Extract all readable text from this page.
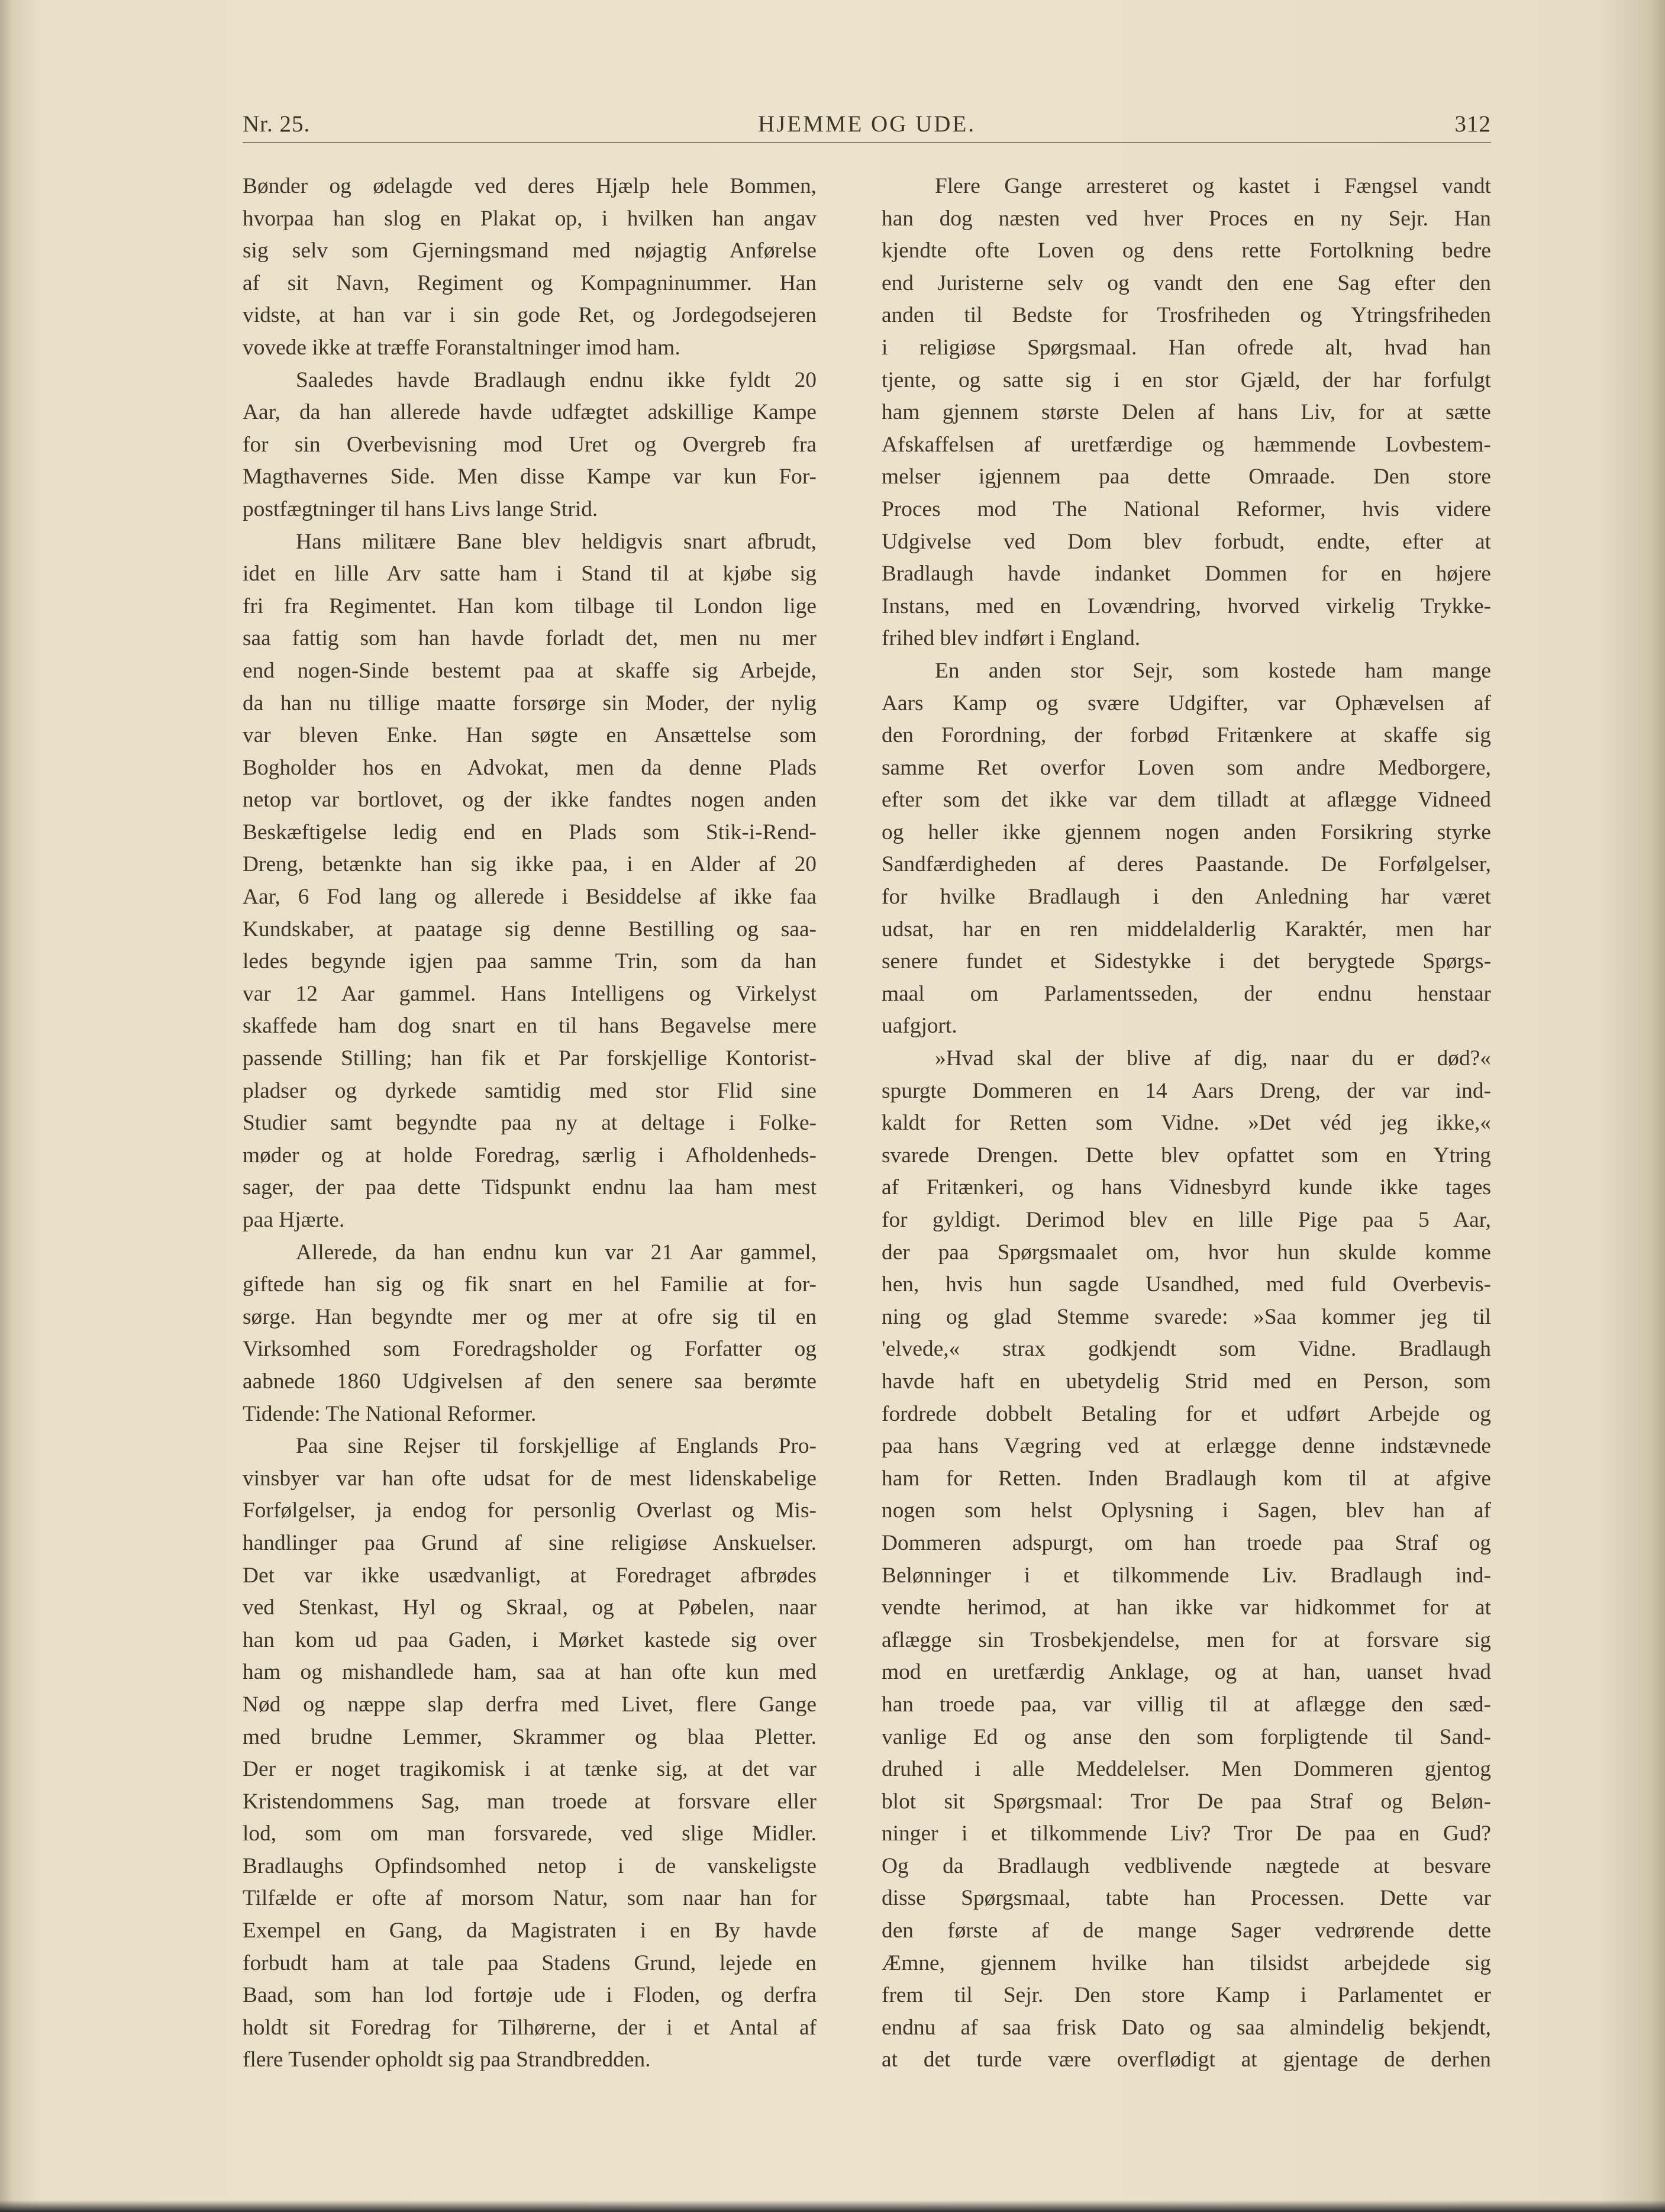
Nr. 25.	HJEMME OG UDE.	312
Bønder og ødelagde ved deres Hjælp hele Bommen,
hvorpaa han slog en Plakat op, i hvilken han angav
sig selv som Gjerningsmand med nøjagtig Anførelse
af sit Navn, Regiment og Kompagninummer. Han
vidste, at han var i sin gode Ret, og Jordegodsejeren
vovede ikke at træffe Foranstaltninger imod ham.
Saaledes havde Bradlaugh endnu ikke fyldt 20
Aar, da han allerede havde udfægtet adskillige Kampe
for sin Overbevisning mod Uret og Overgreb fra
Magthavernes Side. Men disse Kampe var kun For-
postfægtninger til hans Livs lange Strid.
Hans militære Bane blev heldigvis snart afbrudt,
idet en lille Arv satte ham i Stand til at kjøbe sig
fri fra Regimentet. Han kom tilbage til London lige
saa fattig som han havde forladt det, men nu mer
end nogen-Sinde bestemt paa at skaffe sig Arbejde,
da han nu tillige maatte forsørge sin Moder, der nylig
var bleven Enke. Han søgte en Ansættelse som
Bogholder hos en Advokat, men da denne Plads
netop var bortlovet, og der ikke fandtes nogen anden
Beskæftigelse ledig end en Plads som Stik-i-Rend-
Dreng, betænkte han sig ikke paa, i en Alder af 20
Aar, 6 Fod lang og allerede i Besiddelse af ikke faa
Kundskaber, at paatage sig denne Bestilling og saa-
ledes begynde igjen paa samme Trin, som da han
var 12 Aar gammel. Hans Intelligens og Virkelyst
skaffede ham dog snart en til hans Begavelse mere
passende Stilling; han fik et Par forskjellige Kontorist-
pladser og dyrkede samtidig med stor Flid sine
Studier samt begyndte paa ny at deltage i Folke-
møder og at holde Foredrag, særlig i Afholdenheds-
sager, der paa dette Tidspunkt endnu laa ham mest
paa Hjærte.
Allerede, da han endnu kun var 21 Aar gammel,
giftede han sig og fik snart en hel Familie at for-
sørge. Han begyndte mer og mer at ofre sig til en
Virksomhed som Foredragsholder og Forfatter og
aabnede 1860 Udgivelsen af den senere saa berømte
Tidende: The National Reformer.
Paa sine Rejser til forskjellige af Englands Pro-
vinsbyer var han ofte udsat for de mest lidenskabelige
Forfølgelser, ja endog for personlig Overlast og Mis-
handlinger paa Grund af sine religiøse Anskuelser.
Det var ikke usædvanligt, at Foredraget afbrødes
ved Stenkast, Hyl og Skraal, og at Pøbelen, naar
han kom ud paa Gaden, i Mørket kastede sig over
ham og mishandlede ham, saa at han ofte kun med
Nød og næppe slap derfra med Livet, flere Gange
med brudne Lemmer, Skrammer og blaa Pletter.
Der er noget tragikomisk i at tænke sig, at det var
Kristendommens Sag, man troede at forsvare eller
lod, som om man forsvarede, ved slige Midler.
Bradlaughs Opfindsomhed netop i de vanskeligste
Tilfælde er ofte af morsom Natur, som naar han for
Exempel en Gang, da Magistraten i en By havde
forbudt ham at tale paa Stadens Grund, lejede en
Baad, som han lod fortøje ude i Floden, og derfra
holdt sit Foredrag for Tilhørerne, der i et Antal af
flere Tusender opholdt sig paa Strandbredden.
Flere Gange arresteret og kastet i Fængsel vandt
han dog næsten ved hver Proces en ny Sejr. Han
kjendte ofte Loven og dens rette Fortolkning bedre
end Juristerne selv og vandt den ene Sag efter den
anden til Bedste for Trosfriheden og Ytringsfriheden
i religiøse Spørgsmaal. Han ofrede alt, hvad han
tjente, og satte sig i en stor Gjæld, der har forfulgt
ham gjennem største Delen af hans Liv, for at sætte
Afskaffelsen af uretfærdige og hæmmende Lovbestem-
melser igjennem paa dette Omraade. Den store
Proces mod The National Reformer, hvis videre
Udgivelse ved Dom blev forbudt, endte, efter at
Bradlaugh havde indanket Dommen for en højere
Instans, med en Lovændring, hvorved virkelig Trykke-
frihed blev indført i England.
En anden stor Sejr, som kostede ham mange
Aars Kamp og svære Udgifter, var Ophævelsen af
den Forordning, der forbød Fritænkere at skaffe sig
samme Ret overfor Loven som andre Medborgere,
efter som det ikke var dem tilladt at aflægge Vidneed
og heller ikke gjennem nogen anden Forsikring styrke
Sandfærdigheden af deres Paastande. De Forfølgelser,
for hvilke Bradlaugh i den Anledning har været
udsat, har en ren middelalderlig Karaktér, men har
senere fundet et Sidestykke i det berygtede Spørgs-
maal om Parlamentsseden, der endnu henstaar
uafgjort.
»Hvad skal der blive af dig, naar du er død?«
spurgte Dommeren en 14 Aars Dreng, der var ind-
kaldt for Retten som Vidne. »Det véd jeg ikke,«
svarede Drengen. Dette blev opfattet som en Ytring
af Fritænkeri, og hans Vidnesbyrd kunde ikke tages
for gyldigt. Derimod blev en lille Pige paa 5 Aar,
der paa Spørgsmaalet om, hvor hun skulde komme
hen, hvis hun sagde Usandhed, med fuld Overbevis-
ning og glad Stemme svarede: »Saa kommer jeg til
'elvede,« strax godkjendt som Vidne. Bradlaugh
havde haft en ubetydelig Strid med en Person, som
fordrede dobbelt Betaling for et udført Arbejde og
paa hans Vægring ved at erlægge denne indstævnede
ham for Retten. Inden Bradlaugh kom til at afgive
nogen som helst Oplysning i Sagen, blev han af
Dommeren adspurgt, om han troede paa Straf og
Belønninger i et tilkommende Liv. Bradlaugh ind-
vendte herimod, at han ikke var hidkommet for at
aflægge sin Trosbekjendelse, men for at forsvare sig
mod en uretfærdig Anklage, og at han, uanset hvad
han troede paa, var villig til at aflægge den sæd-
vanlige Ed og anse den som forpligtende til Sand-
druhed i alle Meddelelser. Men Dommeren gjentog
blot sit Spørgsmaal: Tror De paa Straf og Beløn-
ninger i et tilkommende Liv? Tror De paa en Gud?
Og da Bradlaugh vedblivende nægtede at besvare
disse Spørgsmaal, tabte han Processen. Dette var
den første af de mange Sager vedrørende dette
Æmne, gjennem hvilke han tilsidst arbejdede sig
frem til Sejr. Den store Kamp i Parlamentet er
endnu af saa frisk Dato og saa almindelig bekjendt,
at det turde være overflødigt at gjentage de derhen
